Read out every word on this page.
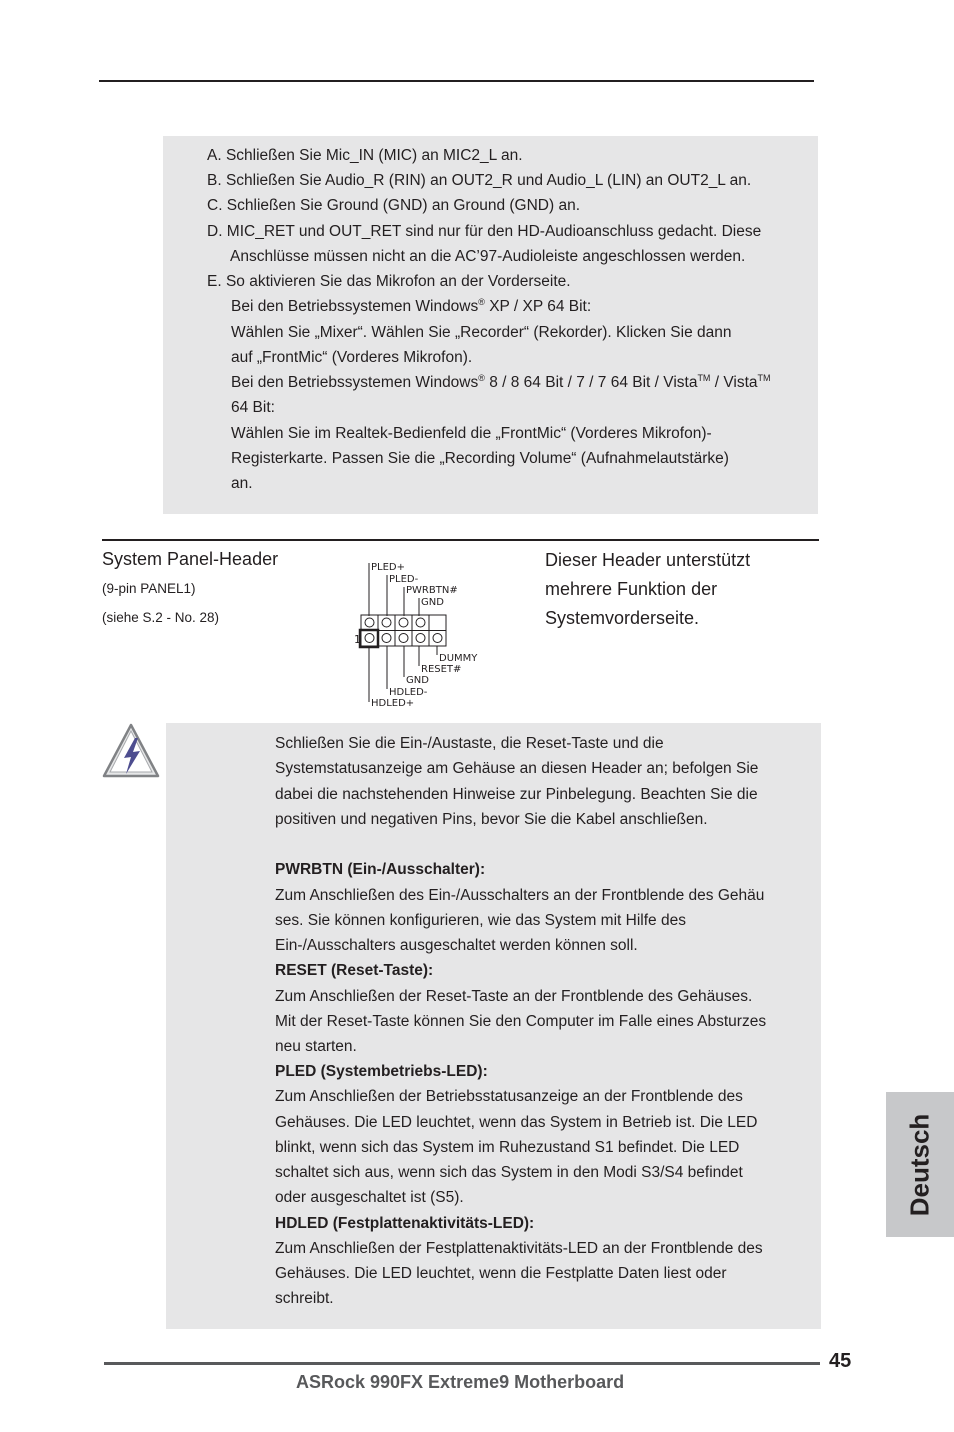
A. Schließen Sie Mic_IN (MIC) an MIC2_L an.
B. Schließen Sie Audio_R (RIN) an OUT2_R und Audio_L (LIN) an OUT2_L an.
C. Schließen Sie Ground (GND) an Ground (GND) an.
D. MIC_RET und OUT_RET sind nur für den HD-Audioanschluss gedacht. Diese
Anschlüsse müssen nicht an die AC’97-Audioleiste angeschlossen werden.
E. So aktivieren Sie das Mikrofon an der Vorderseite.
Bei den Betriebssystemen Windows® XP / XP 64 Bit:
Wählen Sie „Mixer“. Wählen Sie „Recorder“ (Rekorder). Klicken Sie dann
auf „FrontMic“ (Vorderes Mikrofon).
Bei den Betriebssystemen Windows® 8 / 8 64 Bit / 7 / 7 64 Bit / Vista™ / Vista™
64 Bit:
Wählen Sie im Realtek-Bedienfeld die „FrontMic“ (Vorderes Mikrofon)-
Registerkarte. Passen Sie die „Recording Volume“ (Aufnahmelautstärke)
an.
System Panel-Header
(9-pin PANEL1)
(siehe S.2 - No. 28)
Dieser Header unterstützt
mehrere Funktion der
Systemvorderseite.
PLED+
PLED-
PWRBTN#
GND
DUMMY
RESET#
GND
HDLED-
HDLED+
1
Schließen Sie die Ein-/Austaste, die Reset-Taste und die
Systemstatusanzeige am Gehäuse an diesen Header an; befolgen Sie
dabei die nachstehenden Hinweise zur Pinbelegung. Beachten Sie die
positiven und negativen Pins, bevor Sie die Kabel anschließen.
PWRBTN (Ein-/Ausschalter):
Zum Anschließen des Ein-/Ausschalters an der Frontblende des Gehäu
ses. Sie können konfigurieren, wie das System mit Hilfe des
Ein-/Ausschalters ausgeschaltet werden können soll.
RESET (Reset-Taste):
Zum Anschließen der Reset-Taste an der Frontblende des Gehäuses.
Mit der Reset-Taste können Sie den Computer im Falle eines Absturzes
neu starten.
PLED (Systembetriebs-LED):
Zum Anschließen der Betriebsstatusanzeige an der Frontblende des
Gehäuses. Die LED leuchtet, wenn das System in Betrieb ist. Die LED
blinkt, wenn sich das System im Ruhezustand S1 befindet. Die LED
schaltet sich aus, wenn sich das System in den Modi S3/S4 befindet
oder ausgeschaltet ist (S5).
HDLED (Festplattenaktivitäts-LED):
Zum Anschließen der Festplattenaktivitäts-LED an der Frontblende des
Gehäuses. Die LED leuchtet, wenn die Festplatte Daten liest oder
schreibt.
Deutsch
45
ASRock 990FX Extreme9 Motherboard
